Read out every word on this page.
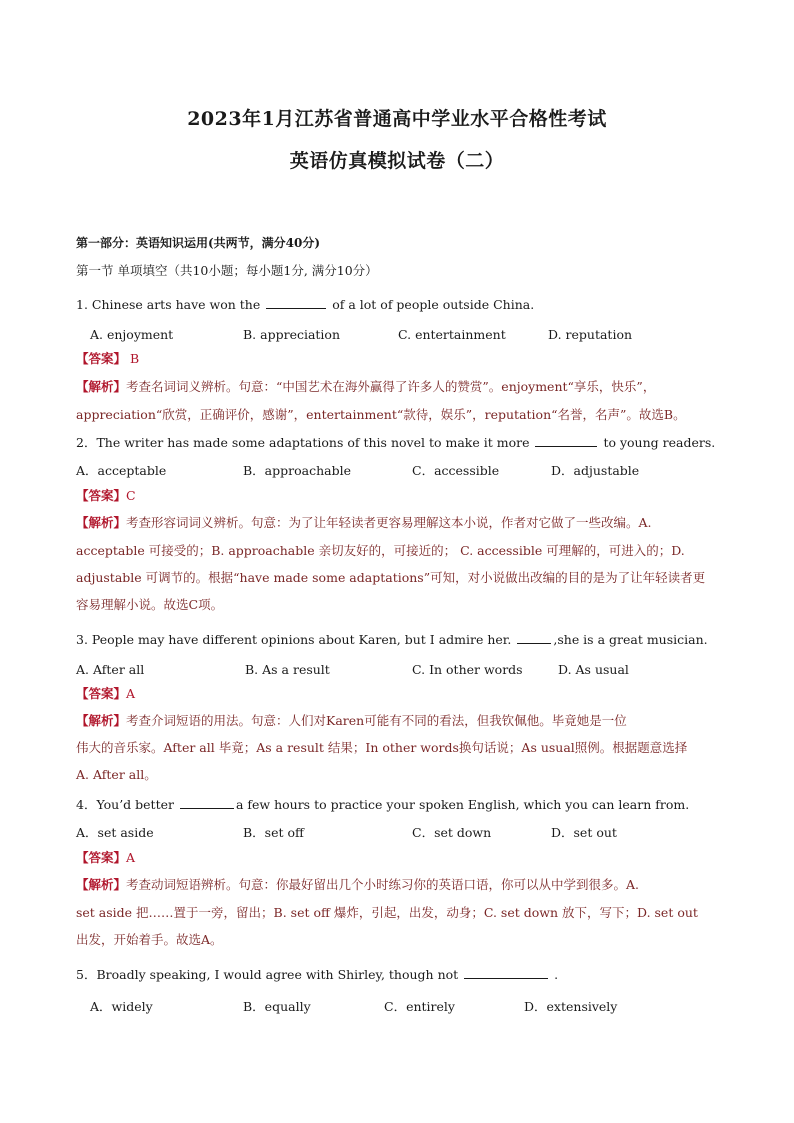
2023年1月江苏省普通高中学业水平合格性考试
英语仿真模拟试卷（二）
第一部分：英语知识运用(共两节，满分40分)
第一节 单项填空（共10小题；每小题1分, 满分10分）
1. Chinese arts have won the	of a lot of people outside China.
A. enjoyment	B. appreciation	C. entertainment	D. reputation
【答案】 B
【解析】考查名词词义辨析。句意：“中国艺术在海外赢得了许多人的赞赏”。enjoyment“享乐，快乐”，
appreciation“欣赏，正确评价，感谢”，entertainment“款待，娱乐”，reputation“名誉，名声”。故选B。
2．The writer has made some adaptations of this novel to make it more	to young readers.
A．acceptable	B．approachable	C．accessible	D．adjustable
【答案】C
【解析】考查形容词词义辨析。句意：为了让年轻读者更容易理解这本小说，作者对它做了一些改编。A.
acceptable 可接受的；B. approachable 亲切友好的，可接近的； C. accessible 可理解的，可进入的；D.
adjustable 可调节的。根据“have made some adaptations”可知，对小说做出改编的目的是为了让年轻读者更
容易理解小说。故选C项。
3. People may have different opinions about Karen, but I admire her.	,she is a great musician.
A. After all	B. As a result	C. In other words	D. As usual
【答案】A
【解析】考查介词短语的用法。句意：人们对Karen可能有不同的看法，但我钦佩他。毕竟她是一位
伟大的音乐家。After all 毕竟；As a result 结果；In other words换句话说；As usual照例。根据题意选择
A. After all。
4．You’d better	a few hours to practice your spoken English, which you can learn from.
A．set aside	B．set off	C．set down	D．set out
【答案】A
【解析】考查动词短语辨析。句意：你最好留出几个小时练习你的英语口语，你可以从中学到很多。A.
set aside 把……置于一旁，留出；B. set off 爆炸，引起，出发，动身；C. set down 放下，写下；D. set out
出发，开始着手。故选A。
5．Broadly speaking, I would agree with Shirley, though not	.
A．widely	B．equally	C．entirely	D．extensively
